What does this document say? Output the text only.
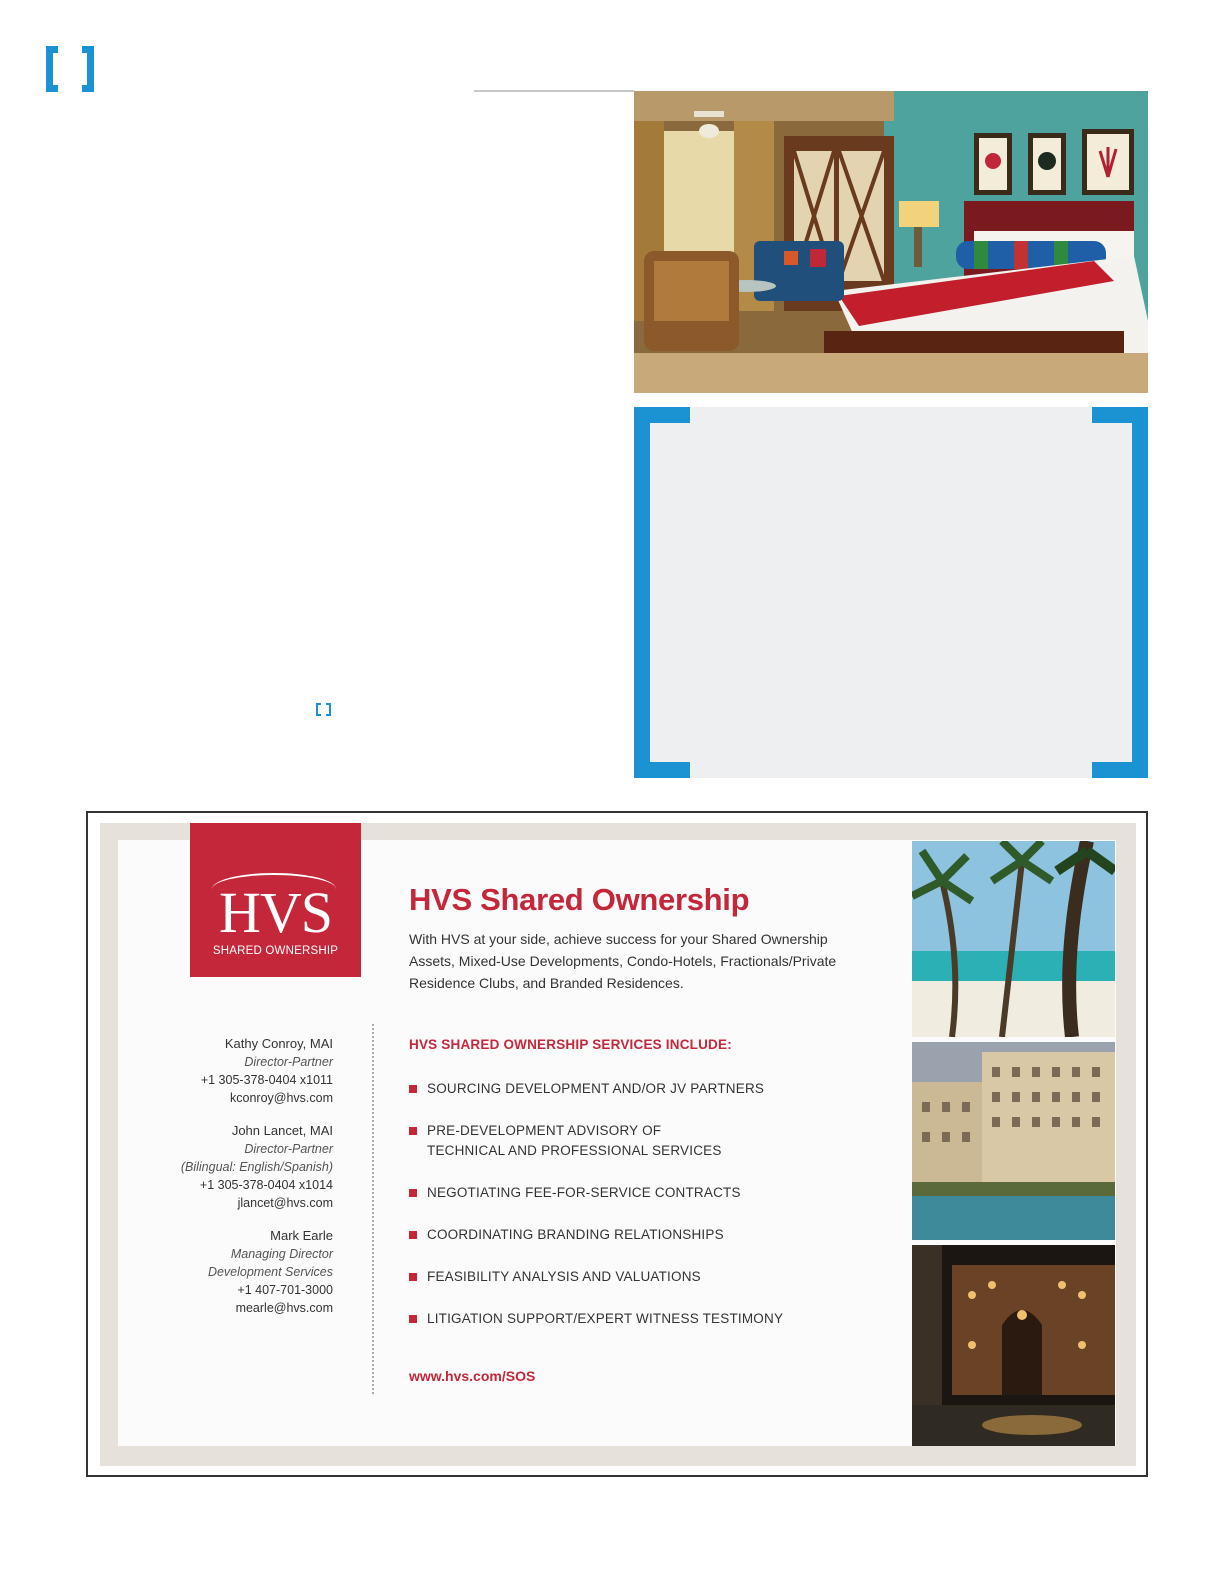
HVS
SHARED OWNERSHIP
HVS Shared Ownership
With HVS at your side, achieve success for your Shared Ownership
Assets, Mixed-Use Developments, Condo-Hotels, Fractionals/Private
Residence Clubs, and Branded Residences.
Kathy Conroy, MAI
Director-Partner
+1 305-378-0404 x1011
kconroy@hvs.com
John Lancet, MAI
Director-Partner
(Bilingual: English/Spanish)
+1 305-378-0404 x1014
jlancet@hvs.com
Mark Earle
Managing Director
Development Services
+1 407-701-3000
mearle@hvs.com
HVS SHARED OWNERSHIP SERVICES INCLUDE:
SOURCING DEVELOPMENT AND/OR JV PARTNERS
PRE-DEVELOPMENT ADVISORY OF
TECHNICAL AND PROFESSIONAL SERVICES
NEGOTIATING FEE-FOR-SERVICE CONTRACTS
COORDINATING BRANDING RELATIONSHIPS
FEASIBILITY ANALYSIS AND VALUATIONS
LITIGATION SUPPORT/EXPERT WITNESS TESTIMONY
www.hvs.com/SOS
